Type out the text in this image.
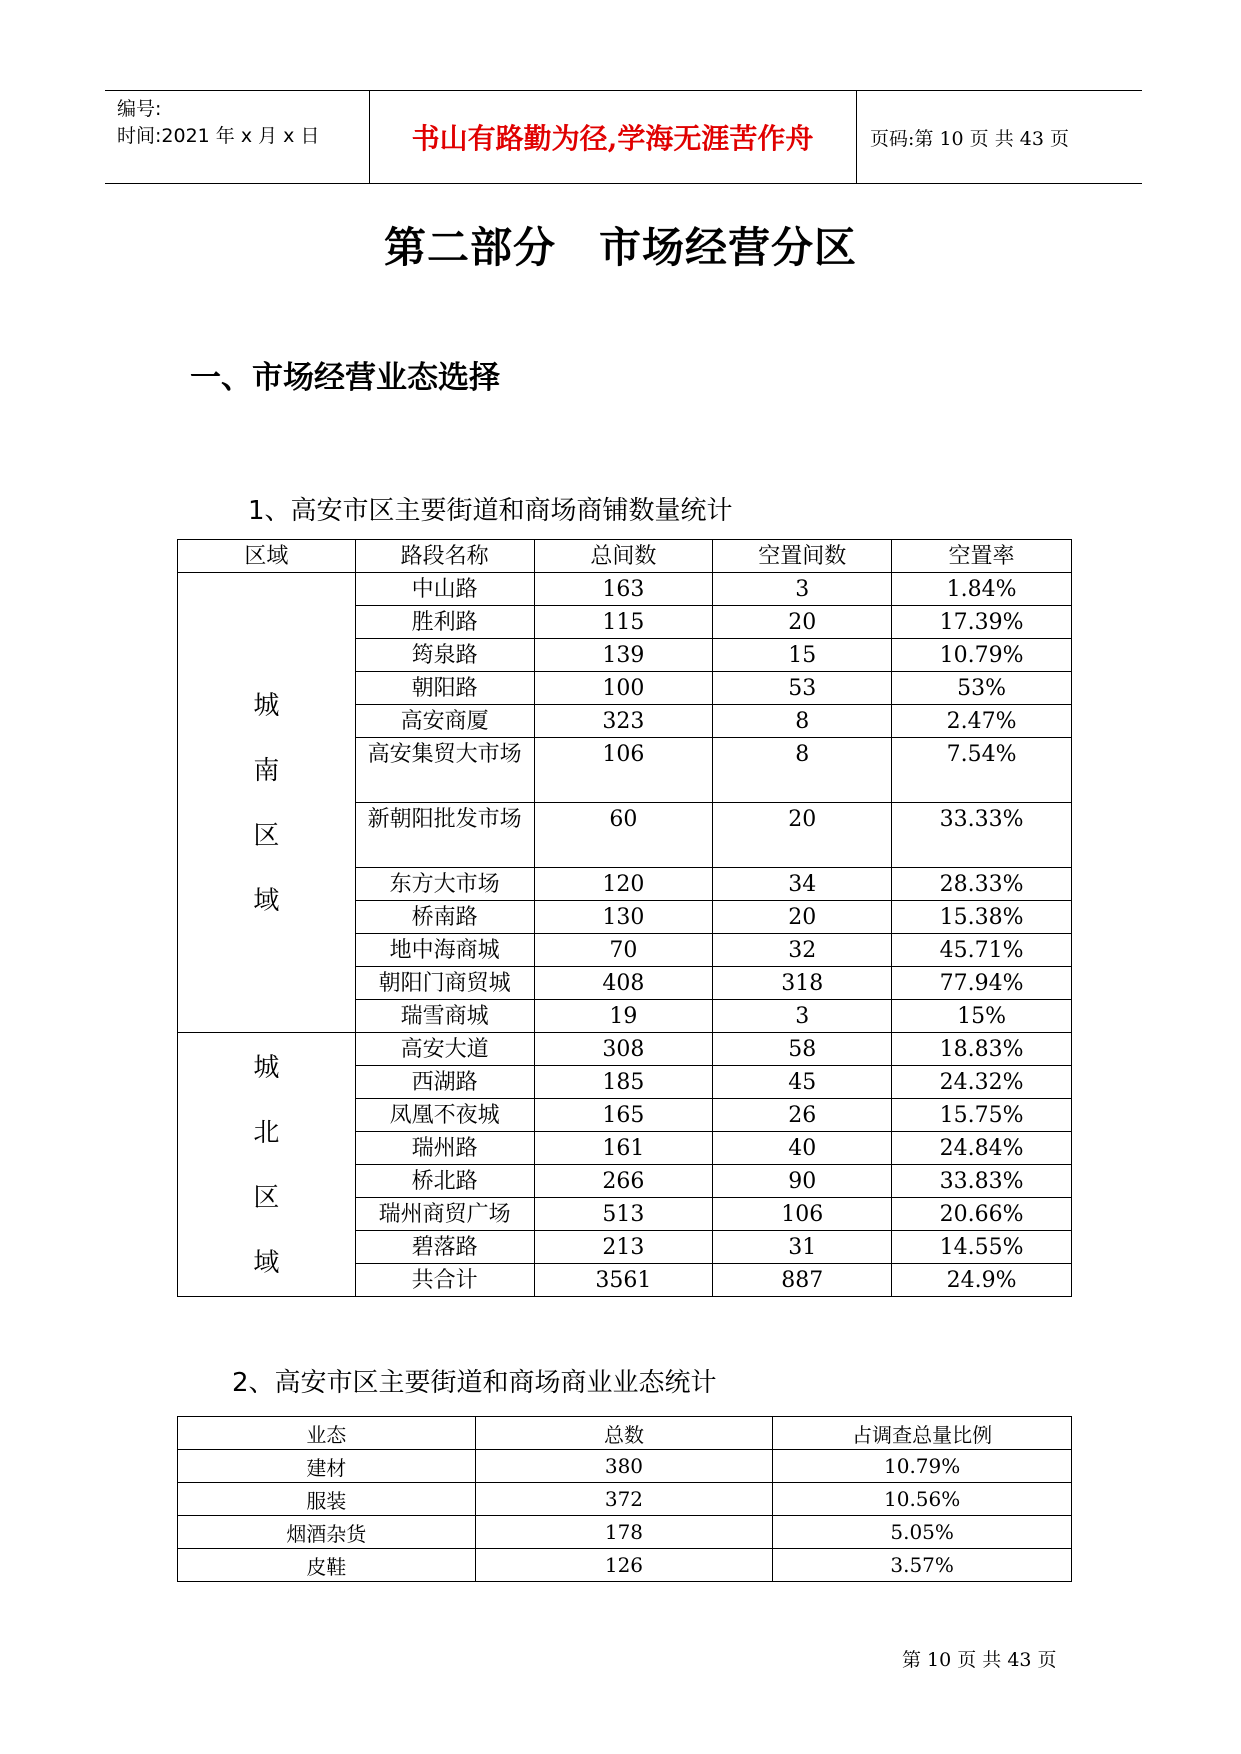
编号:
时间:2021 年 x 月 x 日	书山有路勤为径,学海无涯苦作舟	页码:第 10 页 共 43 页
第二部分　市场经营分区
一、市场经营业态选择
1、高安市区主要街道和商场商铺数量统计
区域	路段名称	总间数	空置间数	空置率
城南区域	中山路	163	3	1.84%
	胜利路	115	20	17.39%
	筠泉路	139	15	10.79%
	朝阳路	100	53	53%
	高安商厦	323	8	2.47%
	高安集贸大市场	106	8	7.54%
	新朝阳批发市场	60	20	33.33%
	东方大市场	120	34	28.33%
	桥南路	130	20	15.38%
	地中海商城	70	32	45.71%
	朝阳门商贸城	408	318	77.94%
	瑞雪商城	19	3	15%
城北区域	高安大道	308	58	18.83%
	西湖路	185	45	24.32%
	凤凰不夜城	165	26	15.75%
	瑞州路	161	40	24.84%
	桥北路	266	90	33.83%
	瑞州商贸广场	513	106	20.66%
	碧落路	213	31	14.55%
	共合计	3561	887	24.9%
2、高安市区主要街道和商场商业业态统计
业态	总数	占调查总量比例
建材	380	10.79%
服装	372	10.56%
烟酒杂货	178	5.05%
皮鞋	126	3.57%
第 10 页 共 43 页
